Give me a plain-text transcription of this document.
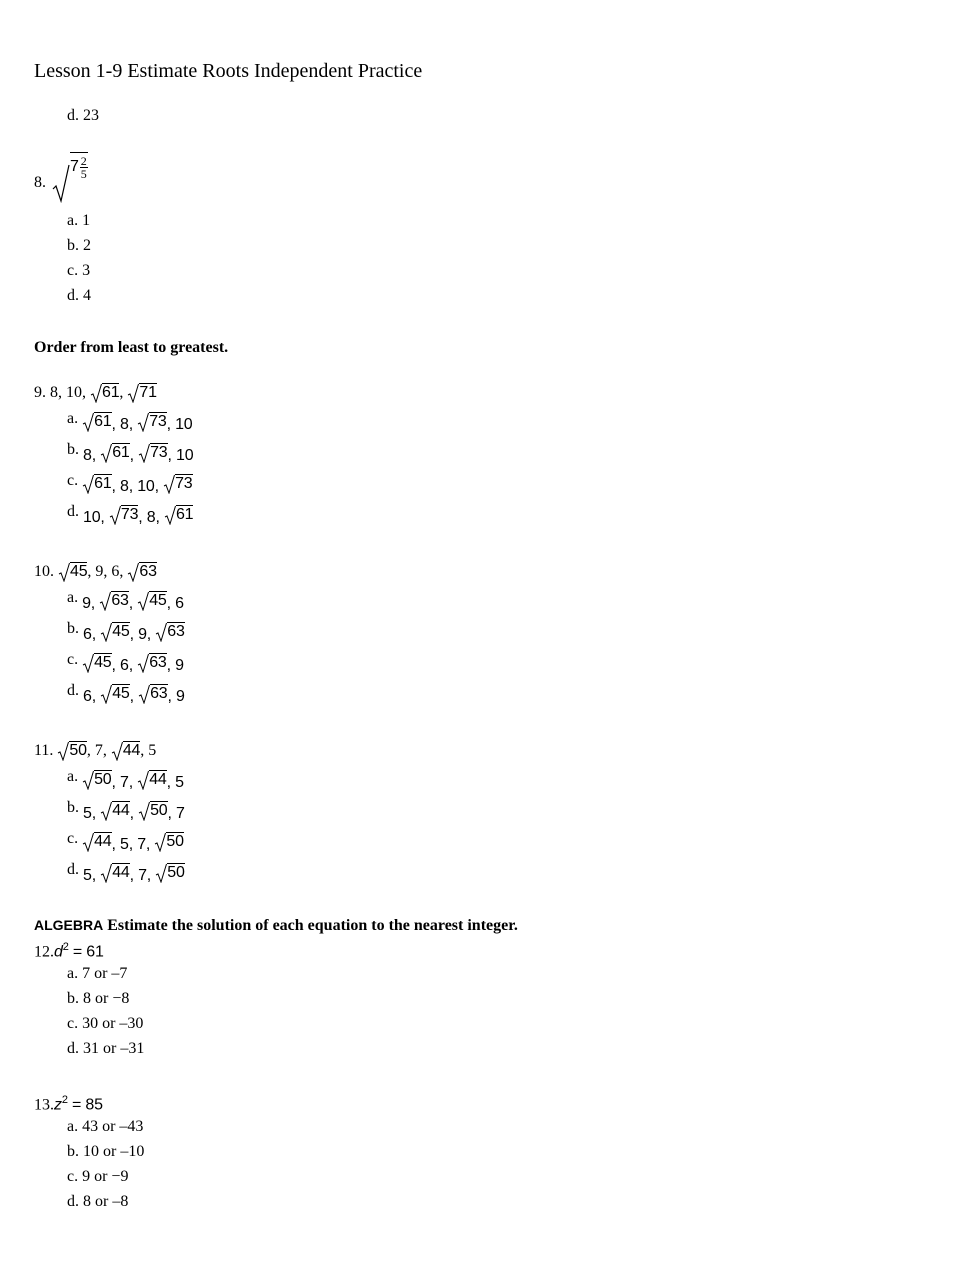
Lesson 1-9 Estimate Roots Independent Practice
d. 23
8.
$7 \frac{2}{5}$
a. 1
b. 2
c. 3
d. 4
Order from least to greatest.
9. 8, 10, 61 , 71
a. 61 , 8, 73 , 10
b. 8, 61 , 73 , 10
c. 61 , 8, 10, 73
d. 10, 73 , 8, 61
10. 45 , 9, 6, 63
a. 9, 63 , 45 , 6
b. 6, 45 , 9, 63
c. 45 , 6, 63 , 9
d. 6, 45 , 63 , 9
11. 50 , 7, 44 , 5
a. 50 , 7, 44 , 5
b. 5, 44 , 50 , 7
c. 44 , 5, 7, 50
d. 5, 44 , 7, 50
ALGEBRA Estimate the solution of each equation to the nearest integer.
$12.d^2 = 61$
a. 7 or –7
b. 8 or −8
c. 30 or –30
d. 31 or –31
$13.z^2 = 85$
a. 43 or –43
b. 10 or –10
c. 9 or −9
d. 8 or –8
